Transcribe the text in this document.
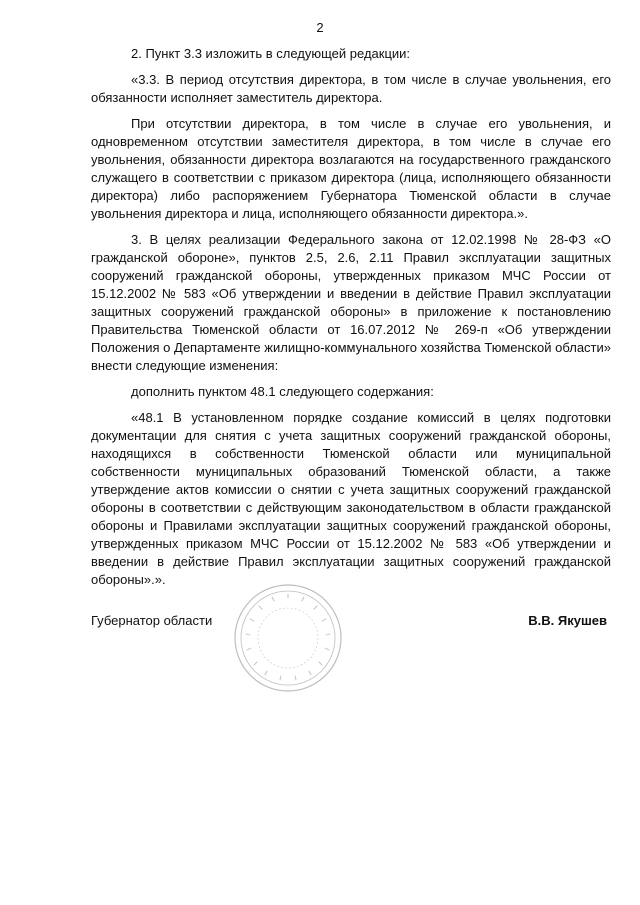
2

2. Пункт 3.3 изложить в следующей редакции:

«3.3. В период отсутствия директора, в том числе в случае увольнения, его обязанности исполняет заместитель директора.

При отсутствии директора, в том числе в случае его увольнения, и одновременном отсутствии заместителя директора, в том числе в случае его увольнения, обязанности директора возлагаются на государственного гражданского служащего в соответствии с приказом директора (лица, исполняющего обязанности директора) либо распоряжением Губернатора Тюменской области в случае увольнения директора и лица, исполняющего обязанности директора.».

3. В целях реализации Федерального закона от 12.02.1998 № 28-ФЗ «О гражданской обороне», пунктов 2.5, 2.6, 2.11 Правил эксплуатации защитных сооружений гражданской обороны, утвержденных приказом МЧС России от 15.12.2002 № 583 «Об утверждении и введении в действие Правил эксплуатации защитных сооружений гражданской обороны» в приложение к постановлению Правительства Тюменской области от 16.07.2012 № 269-п «Об утверждении Положения о Департаменте жилищно-коммунального хозяйства Тюменской области» внести следующие изменения:

дополнить пунктом 48.1 следующего содержания:

«48.1 В установленном порядке создание комиссий в целях подготовки документации для снятия с учета защитных сооружений гражданской обороны, находящихся в собственности Тюменской области или муниципальной собственности муниципальных образований Тюменской области, а также утверждение актов комиссии о снятии с учета защитных сооружений гражданской обороны в соответствии с действующим законодательством в области гражданской обороны и Правилами эксплуатации защитных сооружений гражданской обороны, утвержденных приказом МЧС России от 15.12.2002 № 583 «Об утверждении и введении в действие Правил эксплуатации защитных сооружений гражданской обороны».».

Губернатор области	В.В. Якушев
